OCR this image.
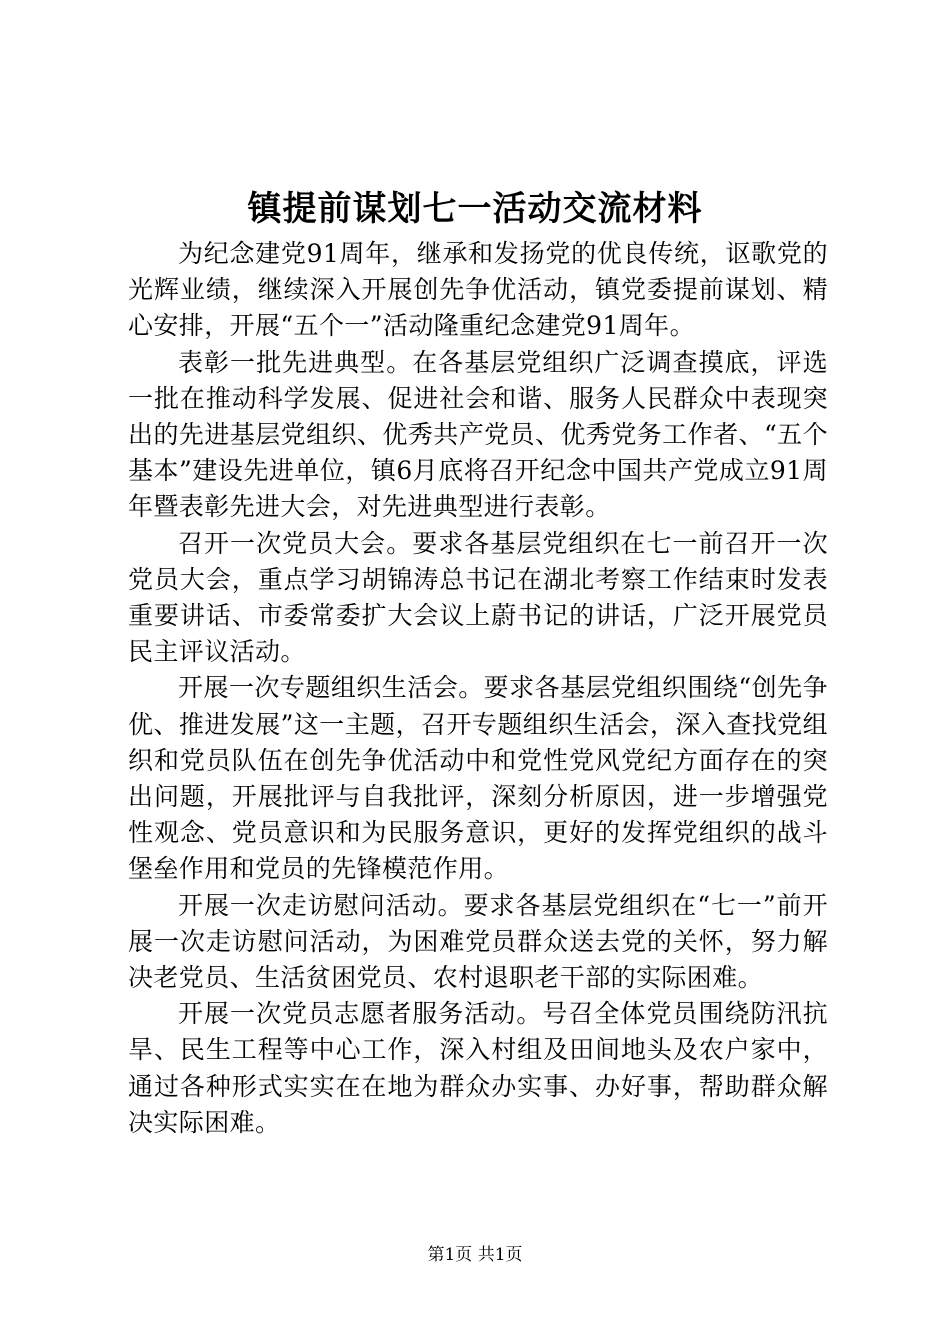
镇提前谋划七一活动交流材料

为纪念建党91周年，继承和发扬党的优良传统，讴歌党的光辉业绩，继续深入开展创先争优活动，镇党委提前谋划、精心安排，开展“五个一”活动隆重纪念建党91周年。

表彰一批先进典型。在各基层党组织广泛调查摸底，评选一批在推动科学发展、促进社会和谐、服务人民群众中表现突出的先进基层党组织、优秀共产党员、优秀党务工作者、“五个基本”建设先进单位，镇6月底将召开纪念中国共产党成立91周年暨表彰先进大会，对先进典型进行表彰。

召开一次党员大会。要求各基层党组织在七一前召开一次党员大会，重点学习胡锦涛总书记在湖北考察工作结束时发表重要讲话、市委常委扩大会议上蔚书记的讲话，广泛开展党员民主评议活动。

开展一次专题组织生活会。要求各基层党组织围绕“创先争优、推进发展”这一主题，召开专题组织生活会，深入查找党组织和党员队伍在创先争优活动中和党性党风党纪方面存在的突出问题，开展批评与自我批评，深刻分析原因，进一步增强党性观念、党员意识和为民服务意识，更好的发挥党组织的战斗堡垒作用和党员的先锋模范作用。

开展一次走访慰问活动。要求各基层党组织在“七一”前开展一次走访慰问活动，为困难党员群众送去党的关怀，努力解决老党员、生活贫困党员、农村退职老干部的实际困难。

开展一次党员志愿者服务活动。号召全体党员围绕防汛抗旱、民生工程等中心工作，深入村组及田间地头及农户家中，通过各种形式实实在在地为群众办实事、办好事，帮助群众解决实际困难。

第1页 共1页
